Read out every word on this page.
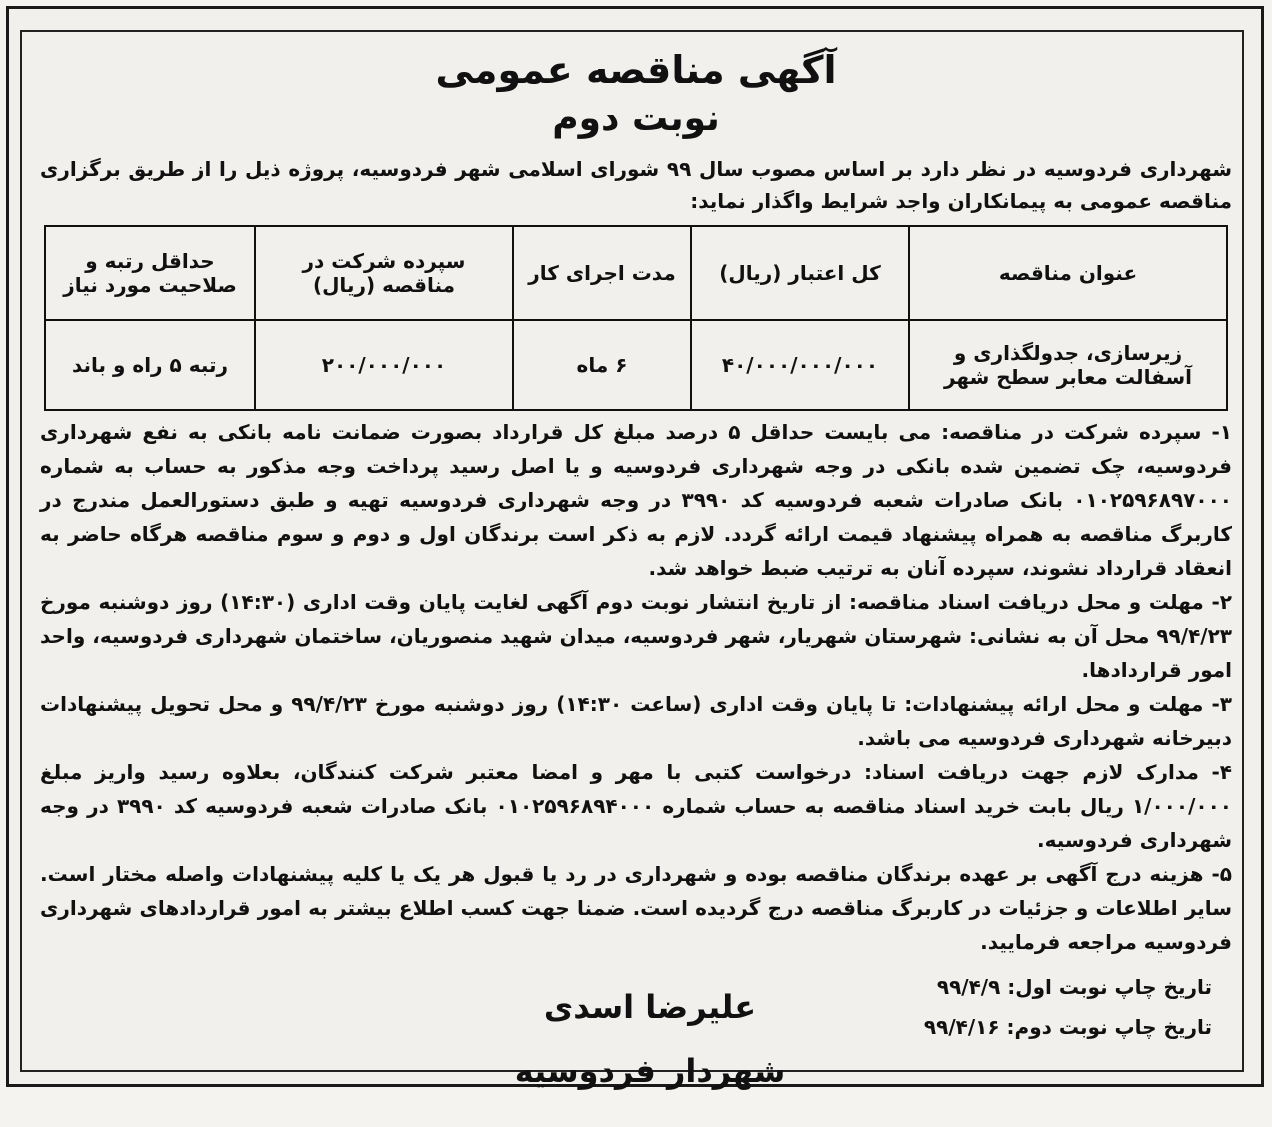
آگهی مناقصه عمومی
نوبت دوم
شهرداری فردوسیه در نظر دارد بر اساس مصوب سال ۹۹ شورای اسلامی شهر فردوسیه، پروژه ذیل را از طریق برگزاری مناقصه عمومی به پیمانکاران واجد شرایط واگذار نماید:
عنوان مناقصه	کل اعتبار (ریال)	مدت اجرای کار	سپرده شرکت در مناقصه (ریال)	حداقل رتبه و صلاحیت مورد نیاز
زیرسازی، جدولگذاری و آسفالت معابر سطح شهر	۴۰/۰۰۰/۰۰۰/۰۰۰	۶ ماه	۲۰۰/۰۰۰/۰۰۰	رتبه ۵ راه و باند

۱- سپرده شرکت در مناقصه: می بایست حداقل ۵ درصد مبلغ کل قرارداد بصورت ضمانت نامه بانکی به نفع شهرداری فردوسیه، چک تضمین شده بانکی در وجه شهرداری فردوسیه و یا اصل رسید پرداخت وجه مذکور به حساب به شماره ۰۱۰۲۵۹۶۸۹۷۰۰۰ بانک صادرات شعبه فردوسیه کد ۳۹۹۰ در وجه شهرداری فردوسیه تهیه و طبق دستورالعمل مندرج در کاربرگ مناقصه به همراه پیشنهاد قیمت ارائه گردد. لازم به ذکر است برندگان اول و دوم و سوم مناقصه هرگاه حاضر به انعقاد قرارداد نشوند، سپرده آنان به ترتیب ضبط خواهد شد.

۲- مهلت و محل دریافت اسناد مناقصه: از تاریخ انتشار نوبت دوم آگهی لغایت پایان وقت اداری (۱۴:۳۰) روز دوشنبه مورخ ۹۹/۴/۲۳ محل آن به نشانی: شهرستان شهریار، شهر فردوسیه، میدان شهید منصوریان، ساختمان شهرداری فردوسیه، واحد امور قراردادها.

۳- مهلت و محل ارائه پیشنهادات: تا پایان وقت اداری (ساعت ۱۴:۳۰) روز دوشنبه مورخ ۹۹/۴/۲۳ و محل تحویل پیشنهادات دبیرخانه شهرداری فردوسیه می باشد.

۴- مدارک لازم جهت دریافت اسناد: درخواست کتبی با مهر و امضا معتبر شرکت کنندگان، بعلاوه رسید واریز مبلغ ۱/۰۰۰/۰۰۰ ریال بابت خرید اسناد مناقصه به حساب شماره ۰۱۰۲۵۹۶۸۹۴۰۰۰ بانک صادرات شعبه فردوسیه کد ۳۹۹۰ در وجه شهرداری فردوسیه.

۵- هزینه درج آگهی بر عهده برندگان مناقصه بوده و شهرداری در رد یا قبول هر یک یا کلیه پیشنهادات واصله مختار است. سایر اطلاعات و جزئیات در کاربرگ مناقصه درج گردیده است. ضمنا جهت کسب اطلاع بیشتر به امور قراردادهای شهرداری فردوسیه مراجعه فرمایید.

تاریخ چاپ نوبت اول: ۹۹/۴/۹
تاریخ چاپ نوبت دوم: ۹۹/۴/۱۶
علیرضا اسدی
شهردار فردوسیه
